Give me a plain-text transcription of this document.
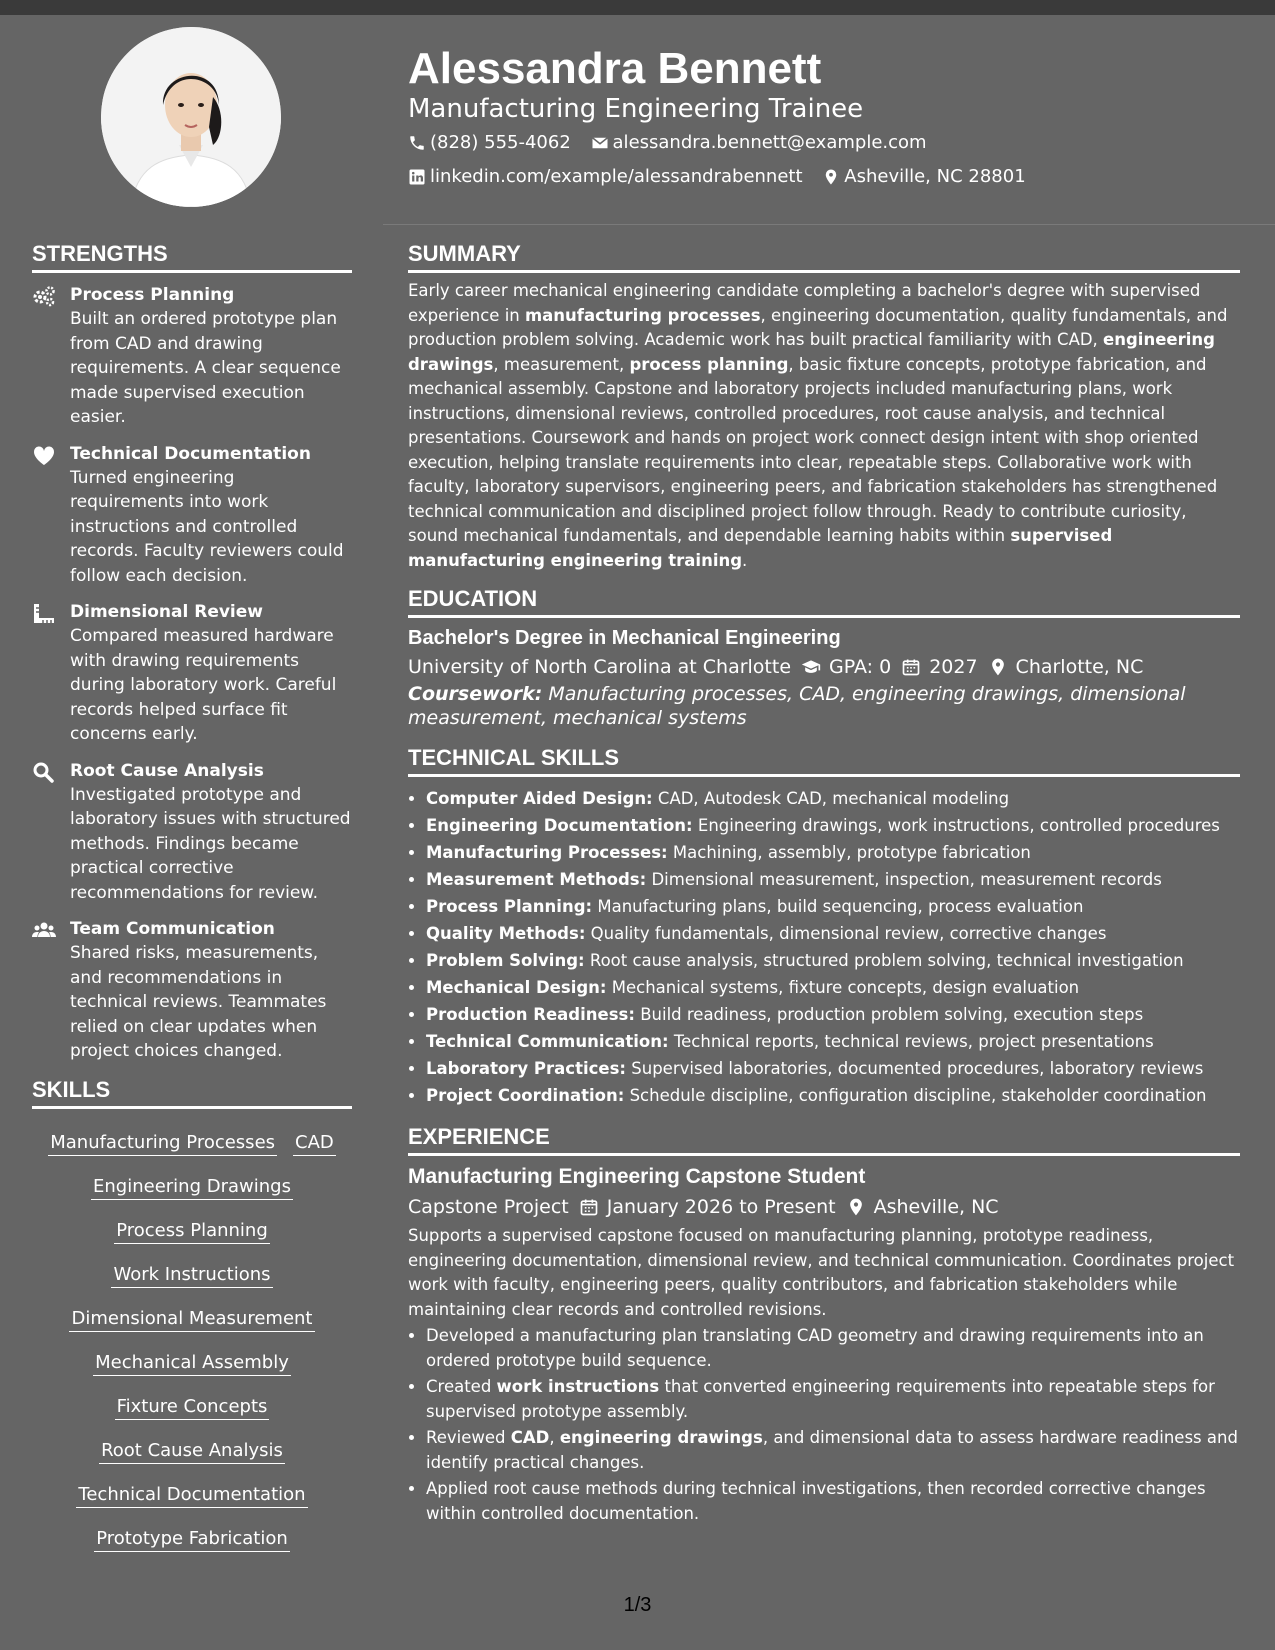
Alessandra Bennett
Manufacturing Engineering Trainee
(828) 555-4062
alessandra.bennett@example.com
linkedin.com/example/alessandrabennett
Asheville, NC 28801
STRENGTHS
Process Planning
Built an ordered prototype plan from CAD and drawing requirements. A clear sequence made supervised execution easier.
Technical Documentation
Turned engineering requirements into work instructions and controlled records. Faculty reviewers could follow each decision.
Dimensional Review
Compared measured hardware with drawing requirements during laboratory work. Careful records helped surface fit concerns early.
Root Cause Analysis
Investigated prototype and laboratory issues with structured methods. Findings became practical corrective recommendations for review.
Team Communication
Shared risks, measurements, and recommendations in technical reviews. Teammates relied on clear updates when project choices changed.
SKILLS
Manufacturing Processes CAD
Engineering Drawings
Process Planning
Work Instructions
Dimensional Measurement
Mechanical Assembly
Fixture Concepts
Root Cause Analysis
Technical Documentation
Prototype Fabrication
SUMMARY

Early career mechanical engineering candidate completing a bachelor's degree with supervised experience in manufacturing processes, engineering documentation, quality fundamentals, and production problem solving. Academic work has built practical familiarity with CAD, engineering drawings, measurement, process planning, basic fixture concepts, prototype fabrication, and mechanical assembly. Capstone and laboratory projects included manufacturing plans, work instructions, dimensional reviews, controlled procedures, root cause analysis, and technical presentations. Coursework and hands on project work connect design intent with shop oriented execution, helping translate requirements into clear, repeatable steps. Collaborative work with faculty, laboratory supervisors, engineering peers, and fabrication stakeholders has strengthened technical communication and disciplined project follow through. Ready to contribute curiosity, sound mechanical fundamentals, and dependable learning habits within supervised manufacturing engineering training.

EDUCATION
Bachelor's Degree in Mechanical Engineering
University of North Carolina at Charlotte GPA: 0 2027 Charlotte, NC
Coursework: Manufacturing processes, CAD, engineering drawings, dimensional measurement, mechanical systems
TECHNICAL SKILLS
• Computer Aided Design: CAD, Autodesk CAD, mechanical modeling
• Engineering Documentation: Engineering drawings, work instructions, controlled procedures
• Manufacturing Processes: Machining, assembly, prototype fabrication
• Measurement Methods: Dimensional measurement, inspection, measurement records
• Process Planning: Manufacturing plans, build sequencing, process evaluation
• Quality Methods: Quality fundamentals, dimensional review, corrective changes
• Problem Solving: Root cause analysis, structured problem solving, technical investigation
• Mechanical Design: Mechanical systems, fixture concepts, design evaluation
• Production Readiness: Build readiness, production problem solving, execution steps
• Technical Communication: Technical reports, technical reviews, project presentations
• Laboratory Practices: Supervised laboratories, documented procedures, laboratory reviews
• Project Coordination: Schedule discipline, configuration discipline, stakeholder coordination
EXPERIENCE
Manufacturing Engineering Capstone Student
Capstone Project January 2026 to Present Asheville, NC
Supports a supervised capstone focused on manufacturing planning, prototype readiness, engineering documentation, dimensional review, and technical communication. Coordinates project work with faculty, engineering peers, quality contributors, and fabrication stakeholders while maintaining clear records and controlled revisions.
• Developed a manufacturing plan translating CAD geometry and drawing requirements into an ordered prototype build sequence.
• Created work instructions that converted engineering requirements into repeatable steps for supervised prototype assembly.
• Reviewed CAD, engineering drawings, and dimensional data to assess hardware readiness and identify practical changes.
• Applied root cause methods during technical investigations, then recorded corrective changes within controlled documentation.
1/3
